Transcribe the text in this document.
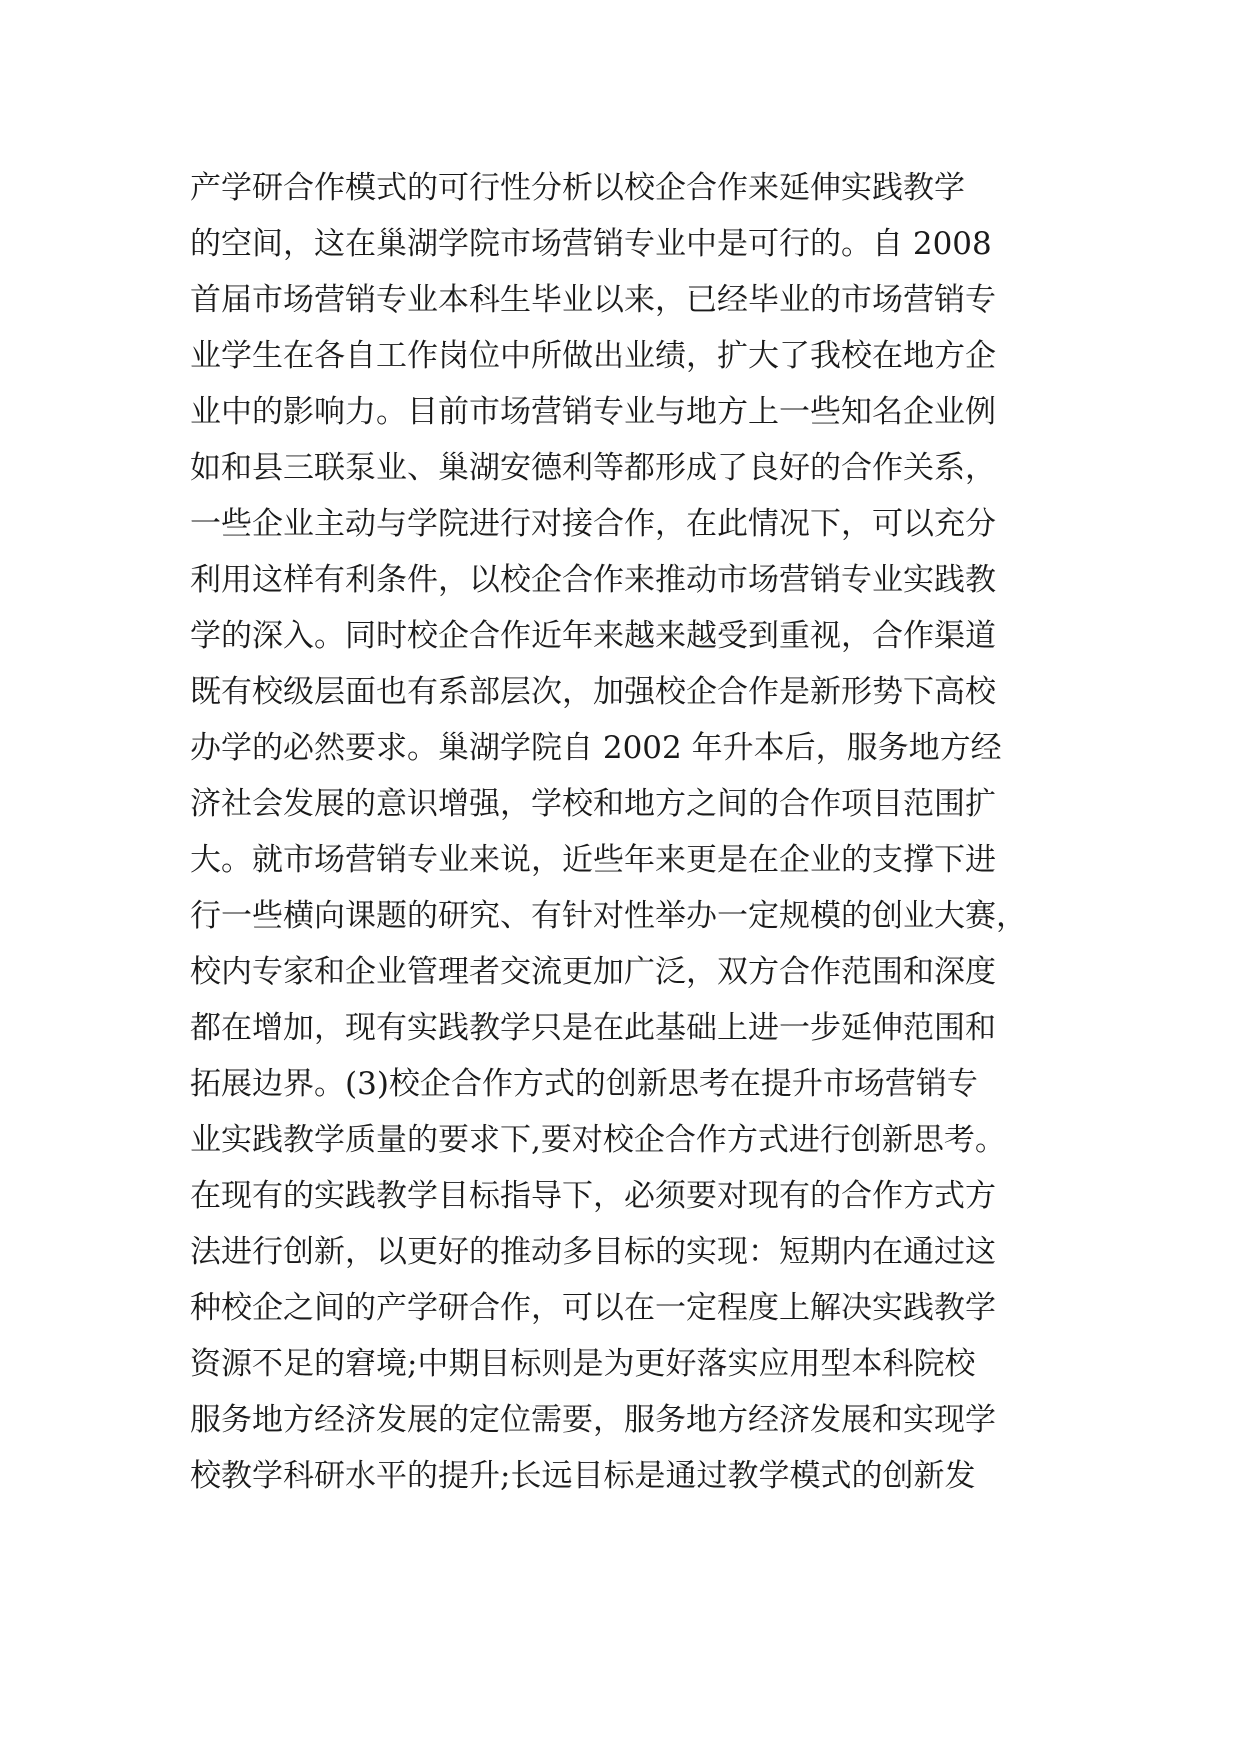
产学研合作模式的可行性分析以校企合作来延伸实践教学
的空间，这在巢湖学院市场营销专业中是可行的。自 2008
首届市场营销专业本科生毕业以来，已经毕业的市场营销专
业学生在各自工作岗位中所做出业绩，扩大了我校在地方企
业中的影响力。目前市场营销专业与地方上一些知名企业例
如和县三联泵业、巢湖安德利等都形成了良好的合作关系，
一些企业主动与学院进行对接合作，在此情况下，可以充分
利用这样有利条件，以校企合作来推动市场营销专业实践教
学的深入。同时校企合作近年来越来越受到重视，合作渠道
既有校级层面也有系部层次，加强校企合作是新形势下高校
办学的必然要求。巢湖学院自 2002 年升本后，服务地方经
济社会发展的意识增强，学校和地方之间的合作项目范围扩
大。就市场营销专业来说，近些年来更是在企业的支撑下进
行一些横向课题的研究、有针对性举办一定规模的创业大赛，
校内专家和企业管理者交流更加广泛，双方合作范围和深度
都在增加，现有实践教学只是在此基础上进一步延伸范围和
拓展边界。(3)校企合作方式的创新思考在提升市场营销专
业实践教学质量的要求下,要对校企合作方式进行创新思考。
在现有的实践教学目标指导下，必须要对现有的合作方式方
法进行创新，以更好的推动多目标的实现：短期内在通过这
种校企之间的产学研合作，可以在一定程度上解决实践教学
资源不足的窘境;中期目标则是为更好落实应用型本科院校
服务地方经济发展的定位需要，服务地方经济发展和实现学
校教学科研水平的提升;长远目标是通过教学模式的创新发
